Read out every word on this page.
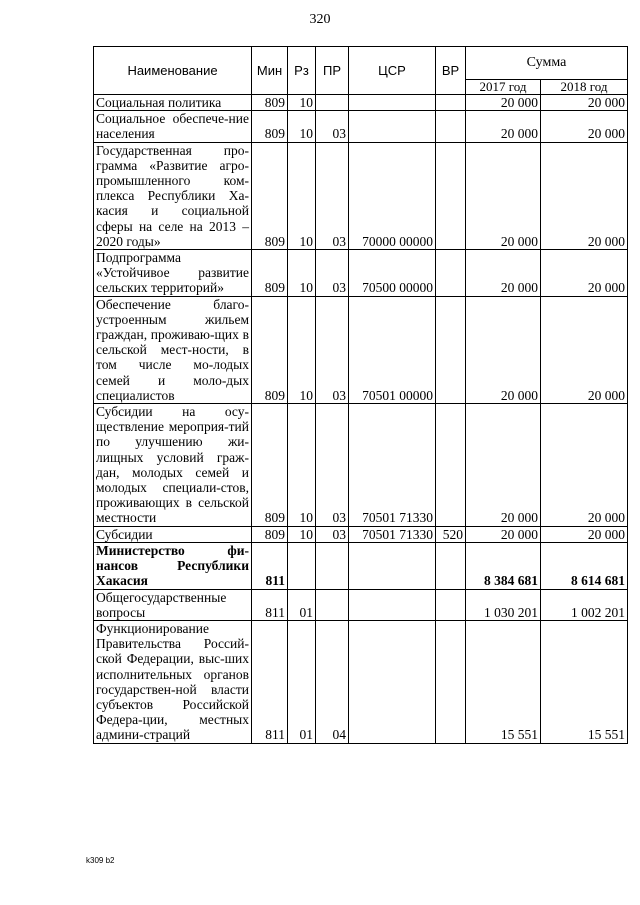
320
Наименование	Мин	Рз	ПР	ЦСР	ВР	Сумма	
						2017 год	2018 год
Социальная политика	809	10				20 000	20 000
Социальное обеспече-ние населения	809	10	03			20 000	20 000
Государственная про-грамма «Развитие агро-промышленного ком-плекса Республики Ха-касия и социальной сферы на селе на 2013 – 2020 годы»	809	10	03	70000 00000		20 000	20 000
Подпрограмма «Устойчивое развитие сельских территорий»	809	10	03	70500 00000		20 000	20 000
Обеспечение благо-устроенным жильем граждан, проживаю-щих в сельской мест-ности, в том числе мо-лодых семей и моло-дых специалистов	809	10	03	70501 00000		20 000	20 000
Субсидии на осу-ществление мероприя-тий по улучшению жи-лищных условий граж-дан, молодых семей и молодых специали-стов, проживающих в сельской местности	809	10	03	70501 71330		20 000	20 000
Субсидии	809	10	03	70501 71330	520	20 000	20 000
Министерство фи-нансов Республики Хакасия	811					8 384 681	8 614 681
Общегосударственные вопросы	811	01				1 030 201	1 002 201
Функционирование Правительства Россий-ской Федерации, выс-ших исполнительных органов государствен-ной власти субъектов Российской Федера-ции, местных админи-страций	811	01	04			15 551	15 551
k309 b2
